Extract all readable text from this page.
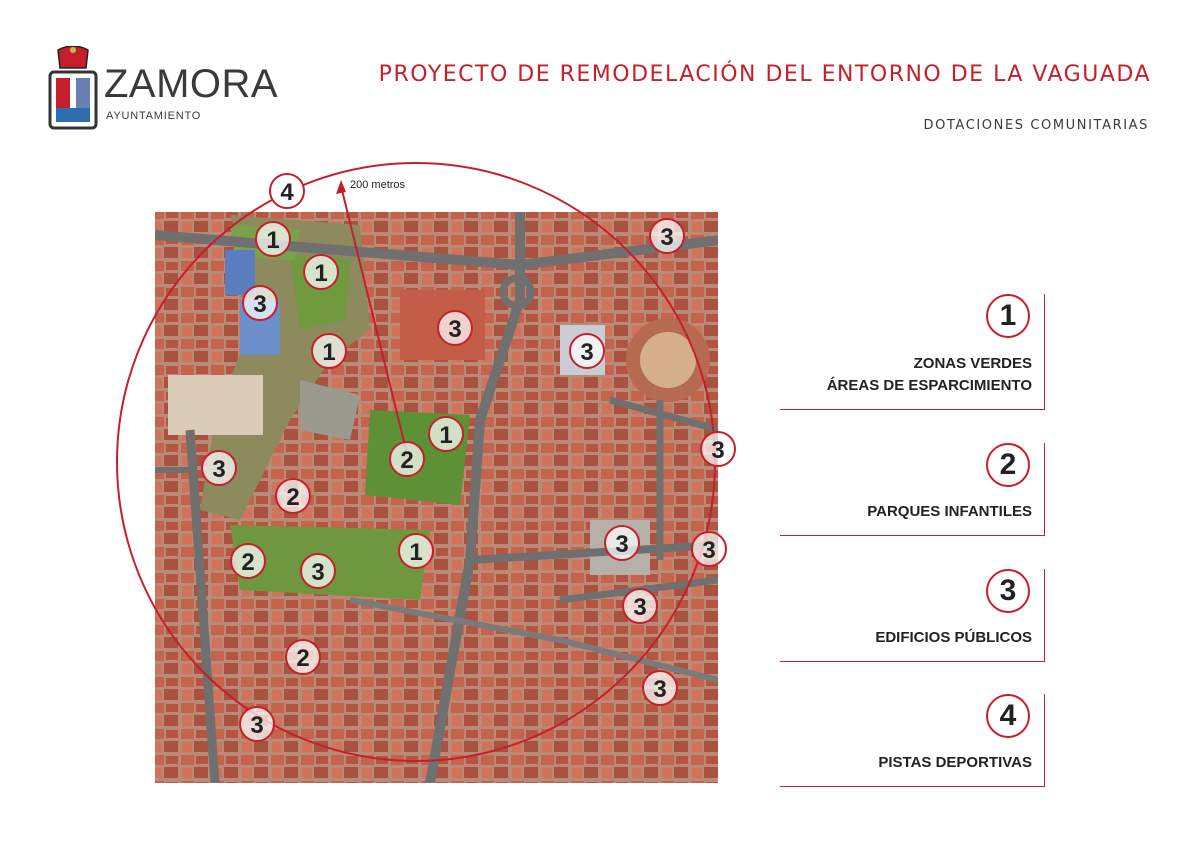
ZAMORA
AYUNTAMIENTO
PROYECTO DE REMODELACIÓN DEL ENTORNO DE LA VAGUADA
DOTACIONES COMUNITARIAS
4
1
1
1
1
1
2
2
2
2
3
3
3
3
3
3
3	3
3
3
3
3
200 metros
1
ZONAS VERDES
ÁREAS DE ESPARCIMIENTO
2
PARQUES INFANTILES
3
EDIFICIOS PÚBLICOS
4
PISTAS DEPORTIVAS
